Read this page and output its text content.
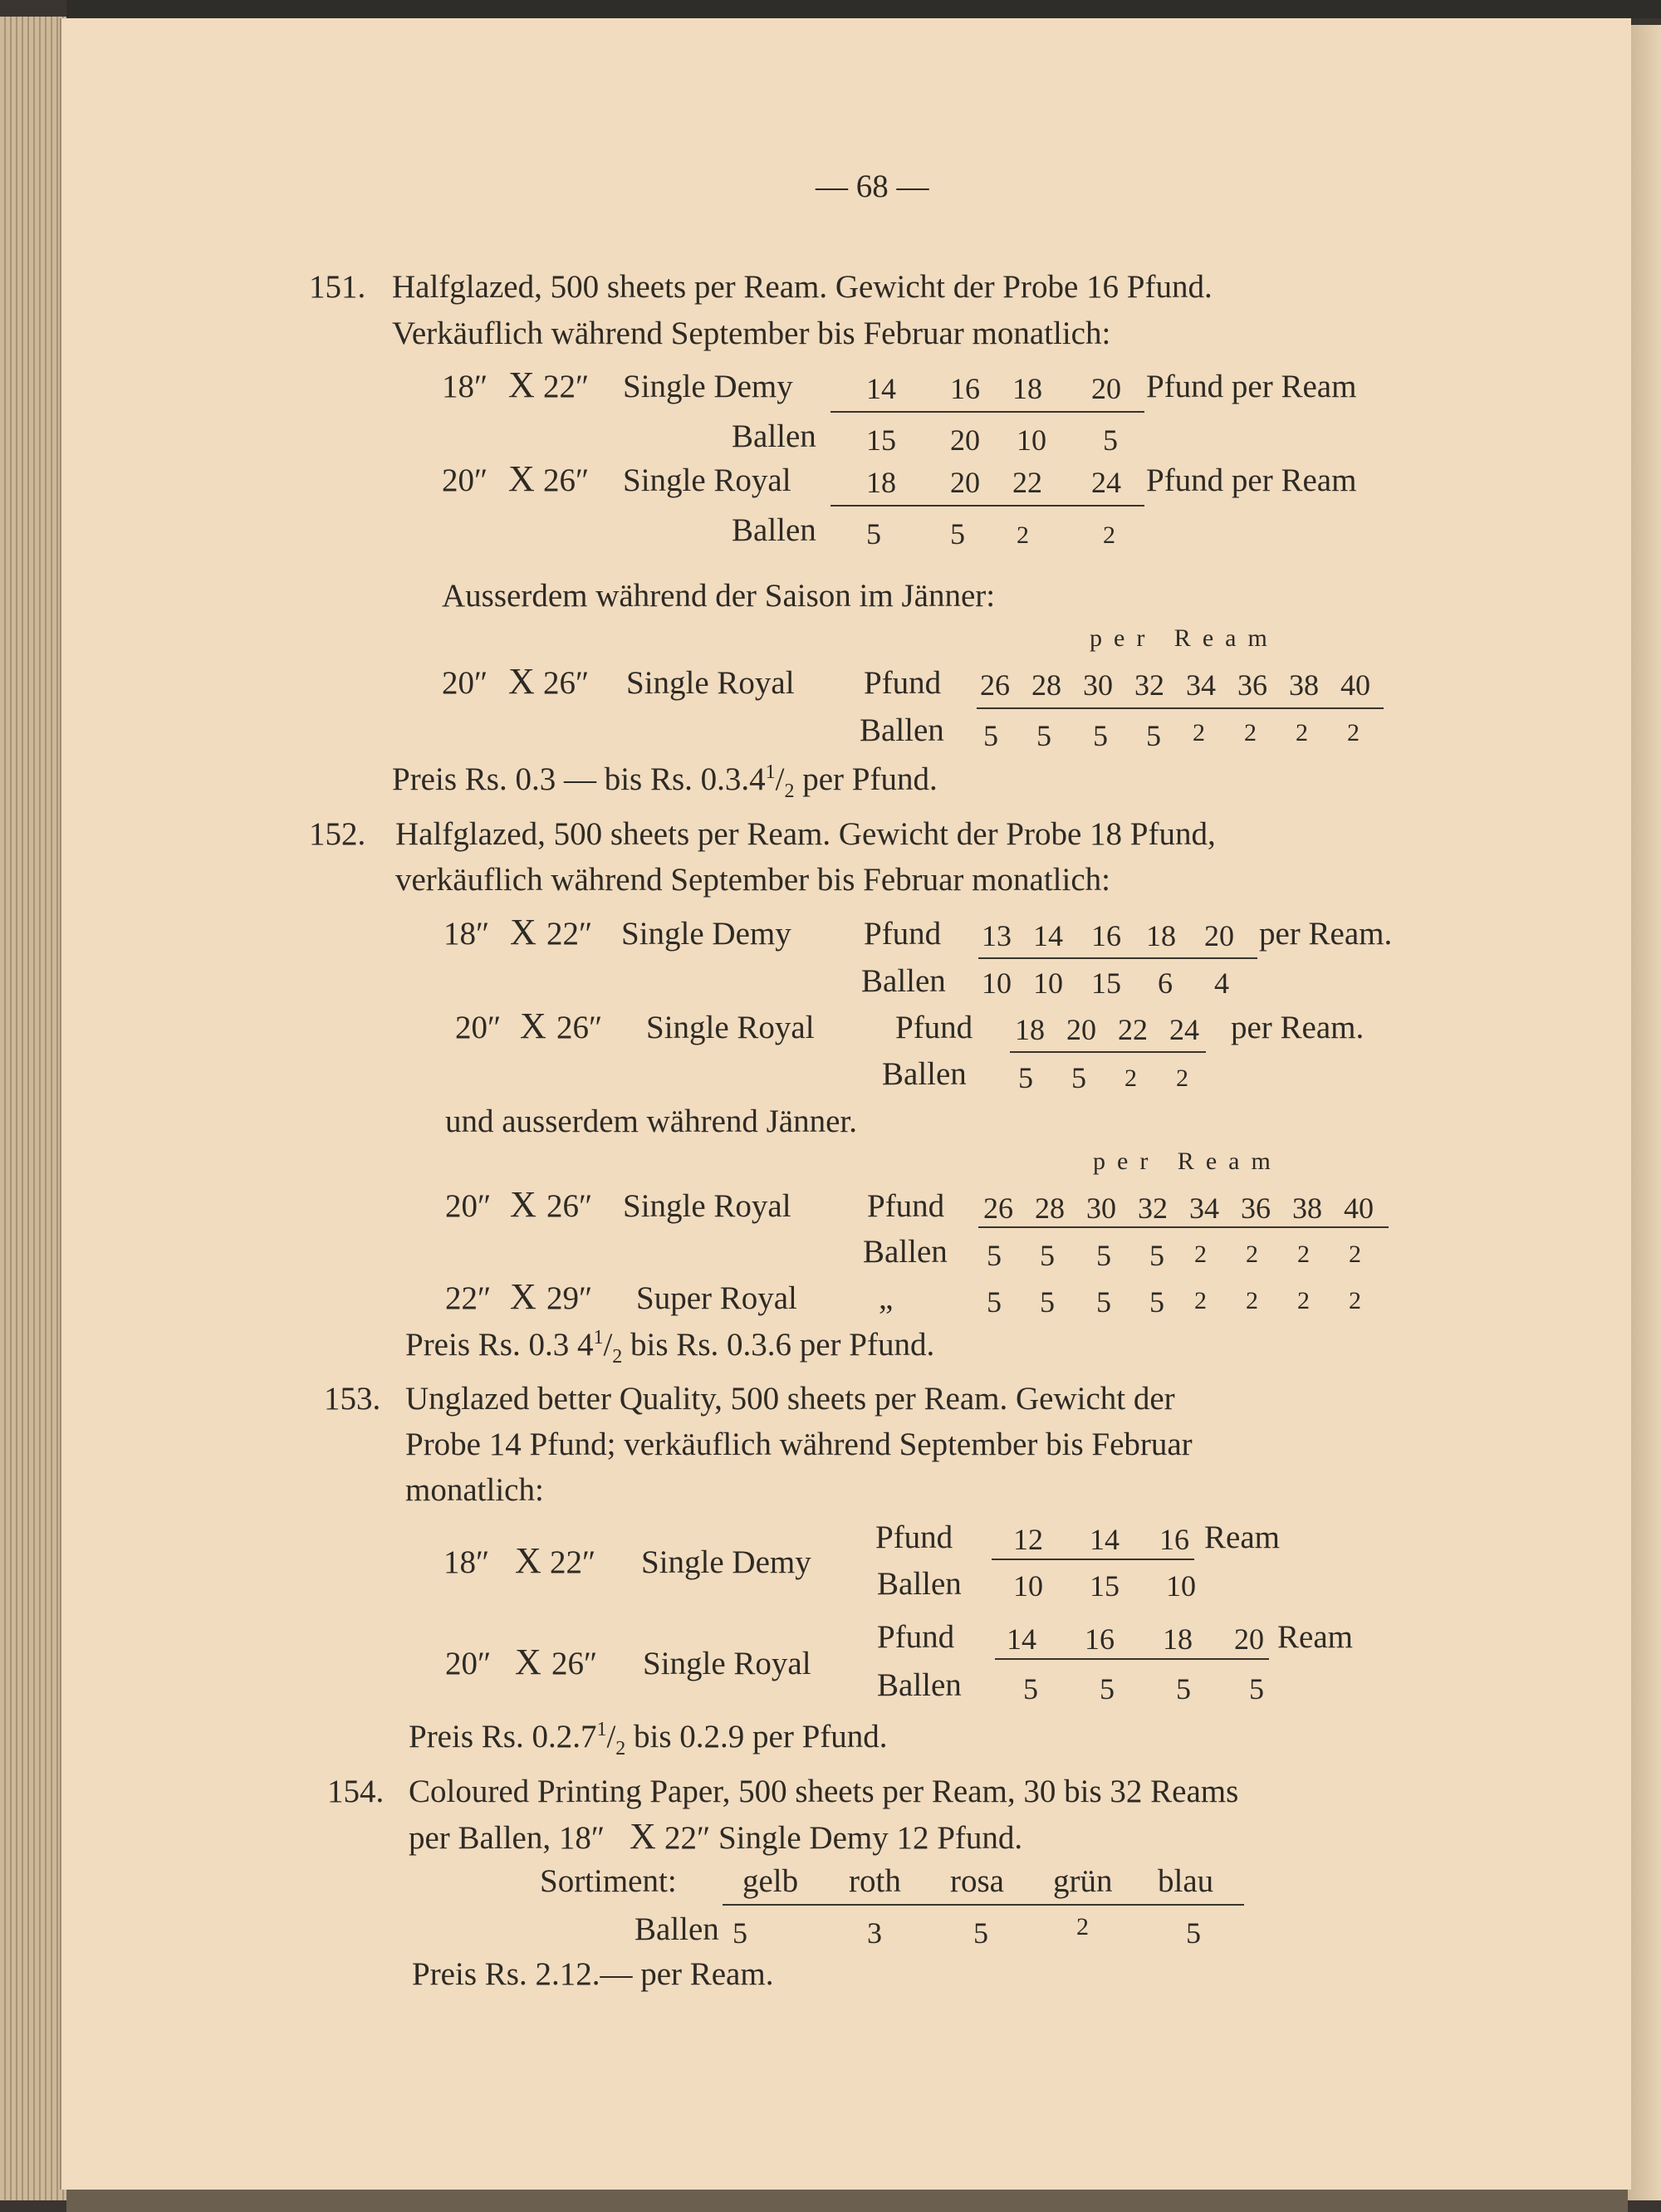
— 68 —
151. Halfglazed, 500 sheets per Ream. Gewicht der Probe 16 Pfund.
Verkäuflich während September bis Februar monatlich:
18″ X 22″ Single Demy 14 16 18 20 Pfund per Ream
Ballen 15 20 10 5
20″ X 26″ Single Royal	18 20 22 24 Pfund per Ream
Ballen 5 5 2	2
Ausserdem während der Saison im Jänner:
per Ream
20″ X 26″ Single Royal Pfund 26 28 30 32 34 36 38 40
Ballen 5 5 5 5 2 2 2 2
Preis Rs. 0.3 — bis Rs. $0.3.4^1/_2$ per Pfund.
152. Halfglazed, 500 sheets per Ream. Gewicht der Probe 18 Pfund,
verkäuflich während September bis Februar monatlich:
18″ X 22″ Single Demy Pfund 13 14 16 18 20 per Ream.
Ballen 10 10 15 6 4
20″ X 26″ Single Royal Pfund 18 20 22 24 per Ream.
Ballen 5 5 2 2
und ausserdem während Jänner.
per Ream
20″ X 26″ Single Royal Pfund 26 28 30 32 34 36 38 40
Ballen 5 5 5 5 2 2 2 2
22″ X 29″ Super Royal	„	5 5 5 5 2 2 2 2
Preis Rs. 0.3 $4^1/_2$ bis Rs. 0.3.6 per Pfund.
153. Unglazed better Quality, 500 sheets per Ream. Gewicht der
Probe 14 Pfund; verkäuflich während September bis Februar
monatlich:
Pfund 12 14 16 Ream
18″ X 22″ Single Demy
Ballen 10 15 10
Pfund 14 16 18 20 Ream
20″ X 26″ Single Royal
Ballen 5 5 5 5
Preis Rs. $0.2.7^1/_2$ bis 0.2.9 per Pfund.
154. Coloured Printing Paper, 500 sheets per Ream, 30 bis 32 Reams
per Ballen, 18″ X 22″ Single Demy 12 Pfund.
Sortiment: gelb roth rosa grün blau
Ballen 5	3	5	2	5
Preis Rs. 2.12.— per Ream.
